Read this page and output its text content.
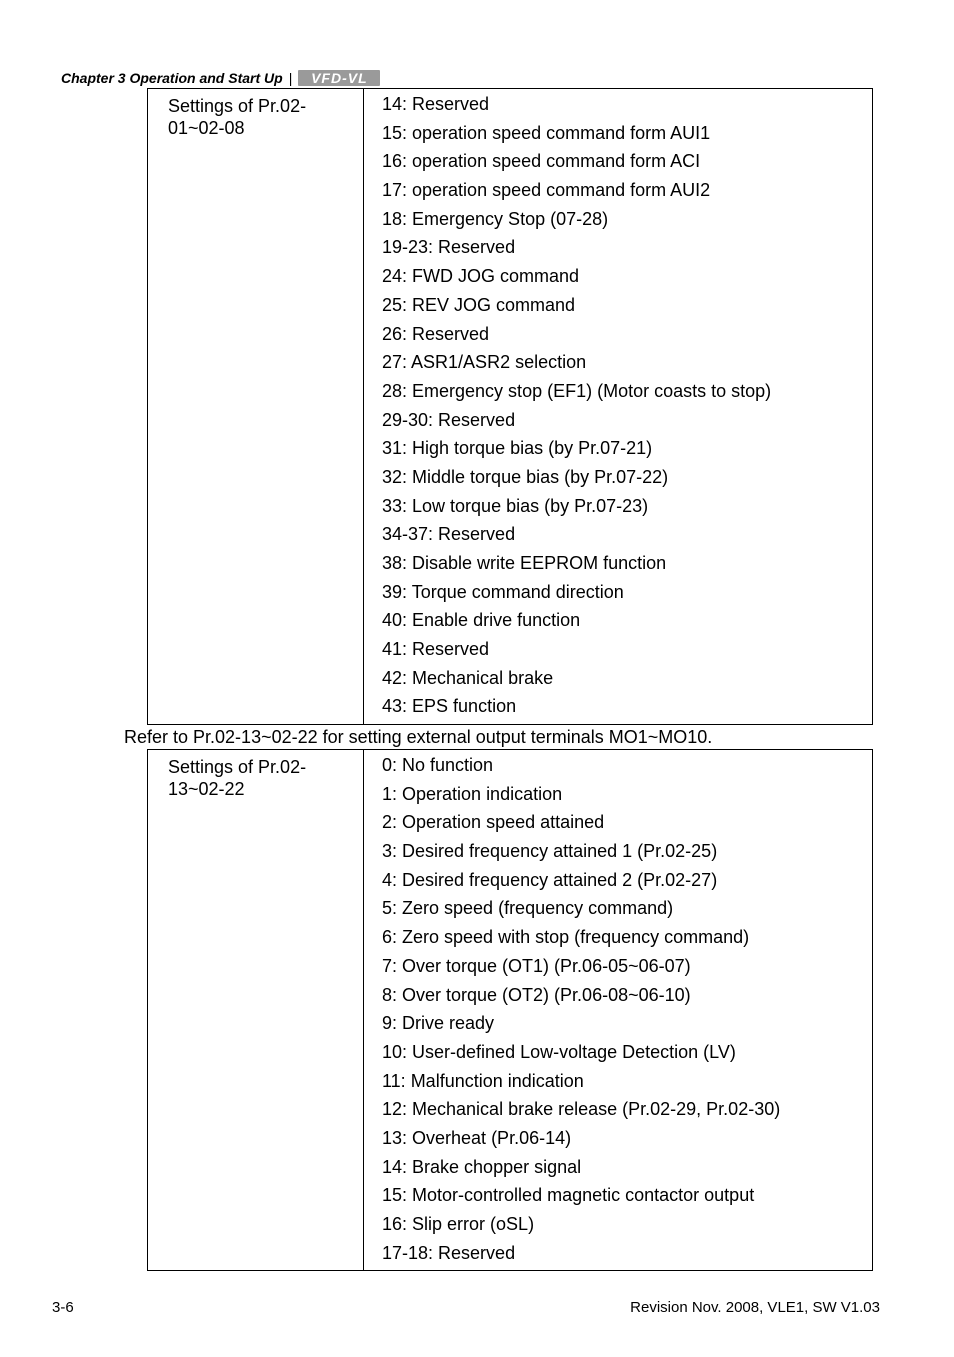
Chapter 3 Operation and Start Up |	VFD-VL
Settings of Pr.02-01~02-08

14: Reserved
15: operation speed command form AUI1
16: operation speed command form ACI
17: operation speed command form AUI2
18: Emergency Stop (07-28)
19-23: Reserved
24: FWD JOG command
25: REV JOG command
26: Reserved
27: ASR1/ASR2 selection
28: Emergency stop (EF1) (Motor coasts to stop)
29-30: Reserved
31: High torque bias (by Pr.07-21)
32: Middle torque bias (by Pr.07-22)
33: Low torque bias (by Pr.07-23)
34-37: Reserved
38: Disable write EEPROM function
39: Torque command direction
40: Enable drive function
41: Reserved
42: Mechanical brake
43: EPS function
Refer to Pr.02-13~02-22 for setting external output terminals MO1~MO10.
Settings of Pr.02-13~02-22

0: No function
1: Operation indication
2: Operation speed attained
3: Desired frequency attained 1 (Pr.02-25)
4: Desired frequency attained 2 (Pr.02-27)
5: Zero speed (frequency command)
6: Zero speed with stop (frequency command)
7: Over torque (OT1) (Pr.06-05~06-07)
8: Over torque (OT2) (Pr.06-08~06-10)
9: Drive ready
10: User-defined Low-voltage Detection (LV)
11: Malfunction indication
12: Mechanical brake release (Pr.02-29, Pr.02-30)
13: Overheat (Pr.06-14)
14: Brake chopper signal
15: Motor-controlled magnetic contactor output
16: Slip error (oSL)
17-18: Reserved
3-6	Revision Nov. 2008, VLE1, SW V1.03
